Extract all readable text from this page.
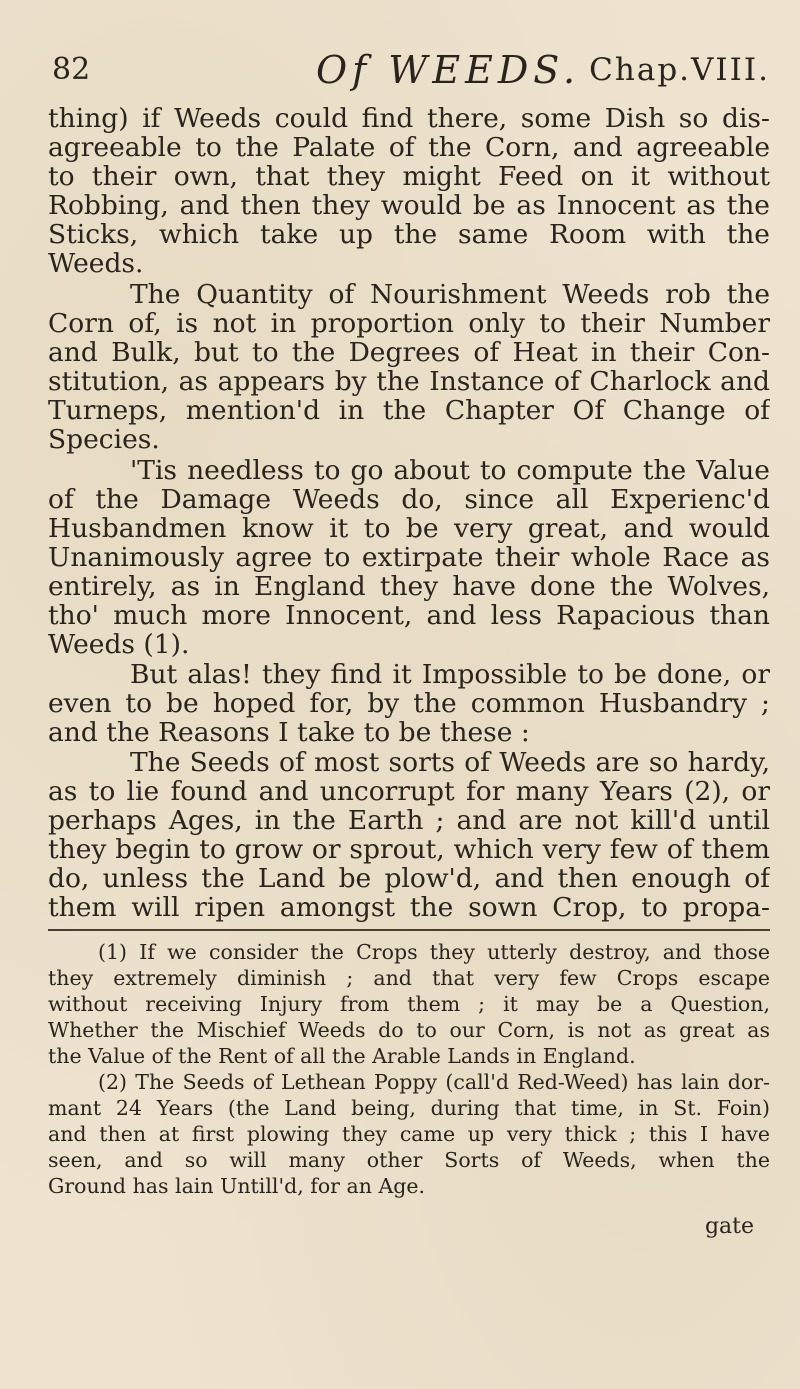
82	Of WEEDS. Chap.VIII.
thing) if Weeds could find there, some Dish so dis-
agreeable to the Palate of the Corn, and agreeable
to their own, that they might Feed on it without
Robbing, and then they would be as Innocent as the
Sticks, which take up the same Room with the
Weeds.
The Quantity of Nourishment Weeds rob the
Corn of, is not in proportion only to their Number
and Bulk, but to the Degrees of Heat in their Con-
stitution, as appears by the Instance of Charlock and
Turneps, mention'd in the Chapter Of Change of
Species.
'Tis needless to go about to compute the Value
of the Damage Weeds do, since all Experienc'd
Husbandmen know it to be very great, and would
Unanimously agree to extirpate their whole Race as
entirely, as in England they have done the Wolves,
tho' much more Innocent, and less Rapacious than
Weeds (1).
But alas! they find it Impossible to be done, or
even to be hoped for, by the common Husbandry ;
and the Reasons I take to be these :
The Seeds of most sorts of Weeds are so hardy,
as to lie found and uncorrupt for many Years (2), or
perhaps Ages, in the Earth ; and are not kill'd until
they begin to grow or sprout, which very few of them
do, unless the Land be plow'd, and then enough of
them will ripen amongst the sown Crop, to propa-
(1) If we consider the Crops they utterly destroy, and those
they extremely diminish ; and that very few Crops escape
without receiving Injury from them ; it may be a Question,
Whether the Mischief Weeds do to our Corn, is not as great as
the Value of the Rent of all the Arable Lands in England.
(2) The Seeds of Lethean Poppy (call'd Red-Weed) has lain dor-
mant 24 Years (the Land being, during that time, in St. Foin)
and then at first plowing they came up very thick ; this I have
seen, and so will many other Sorts of Weeds, when the
Ground has lain Untill'd, for an Age.
gate
